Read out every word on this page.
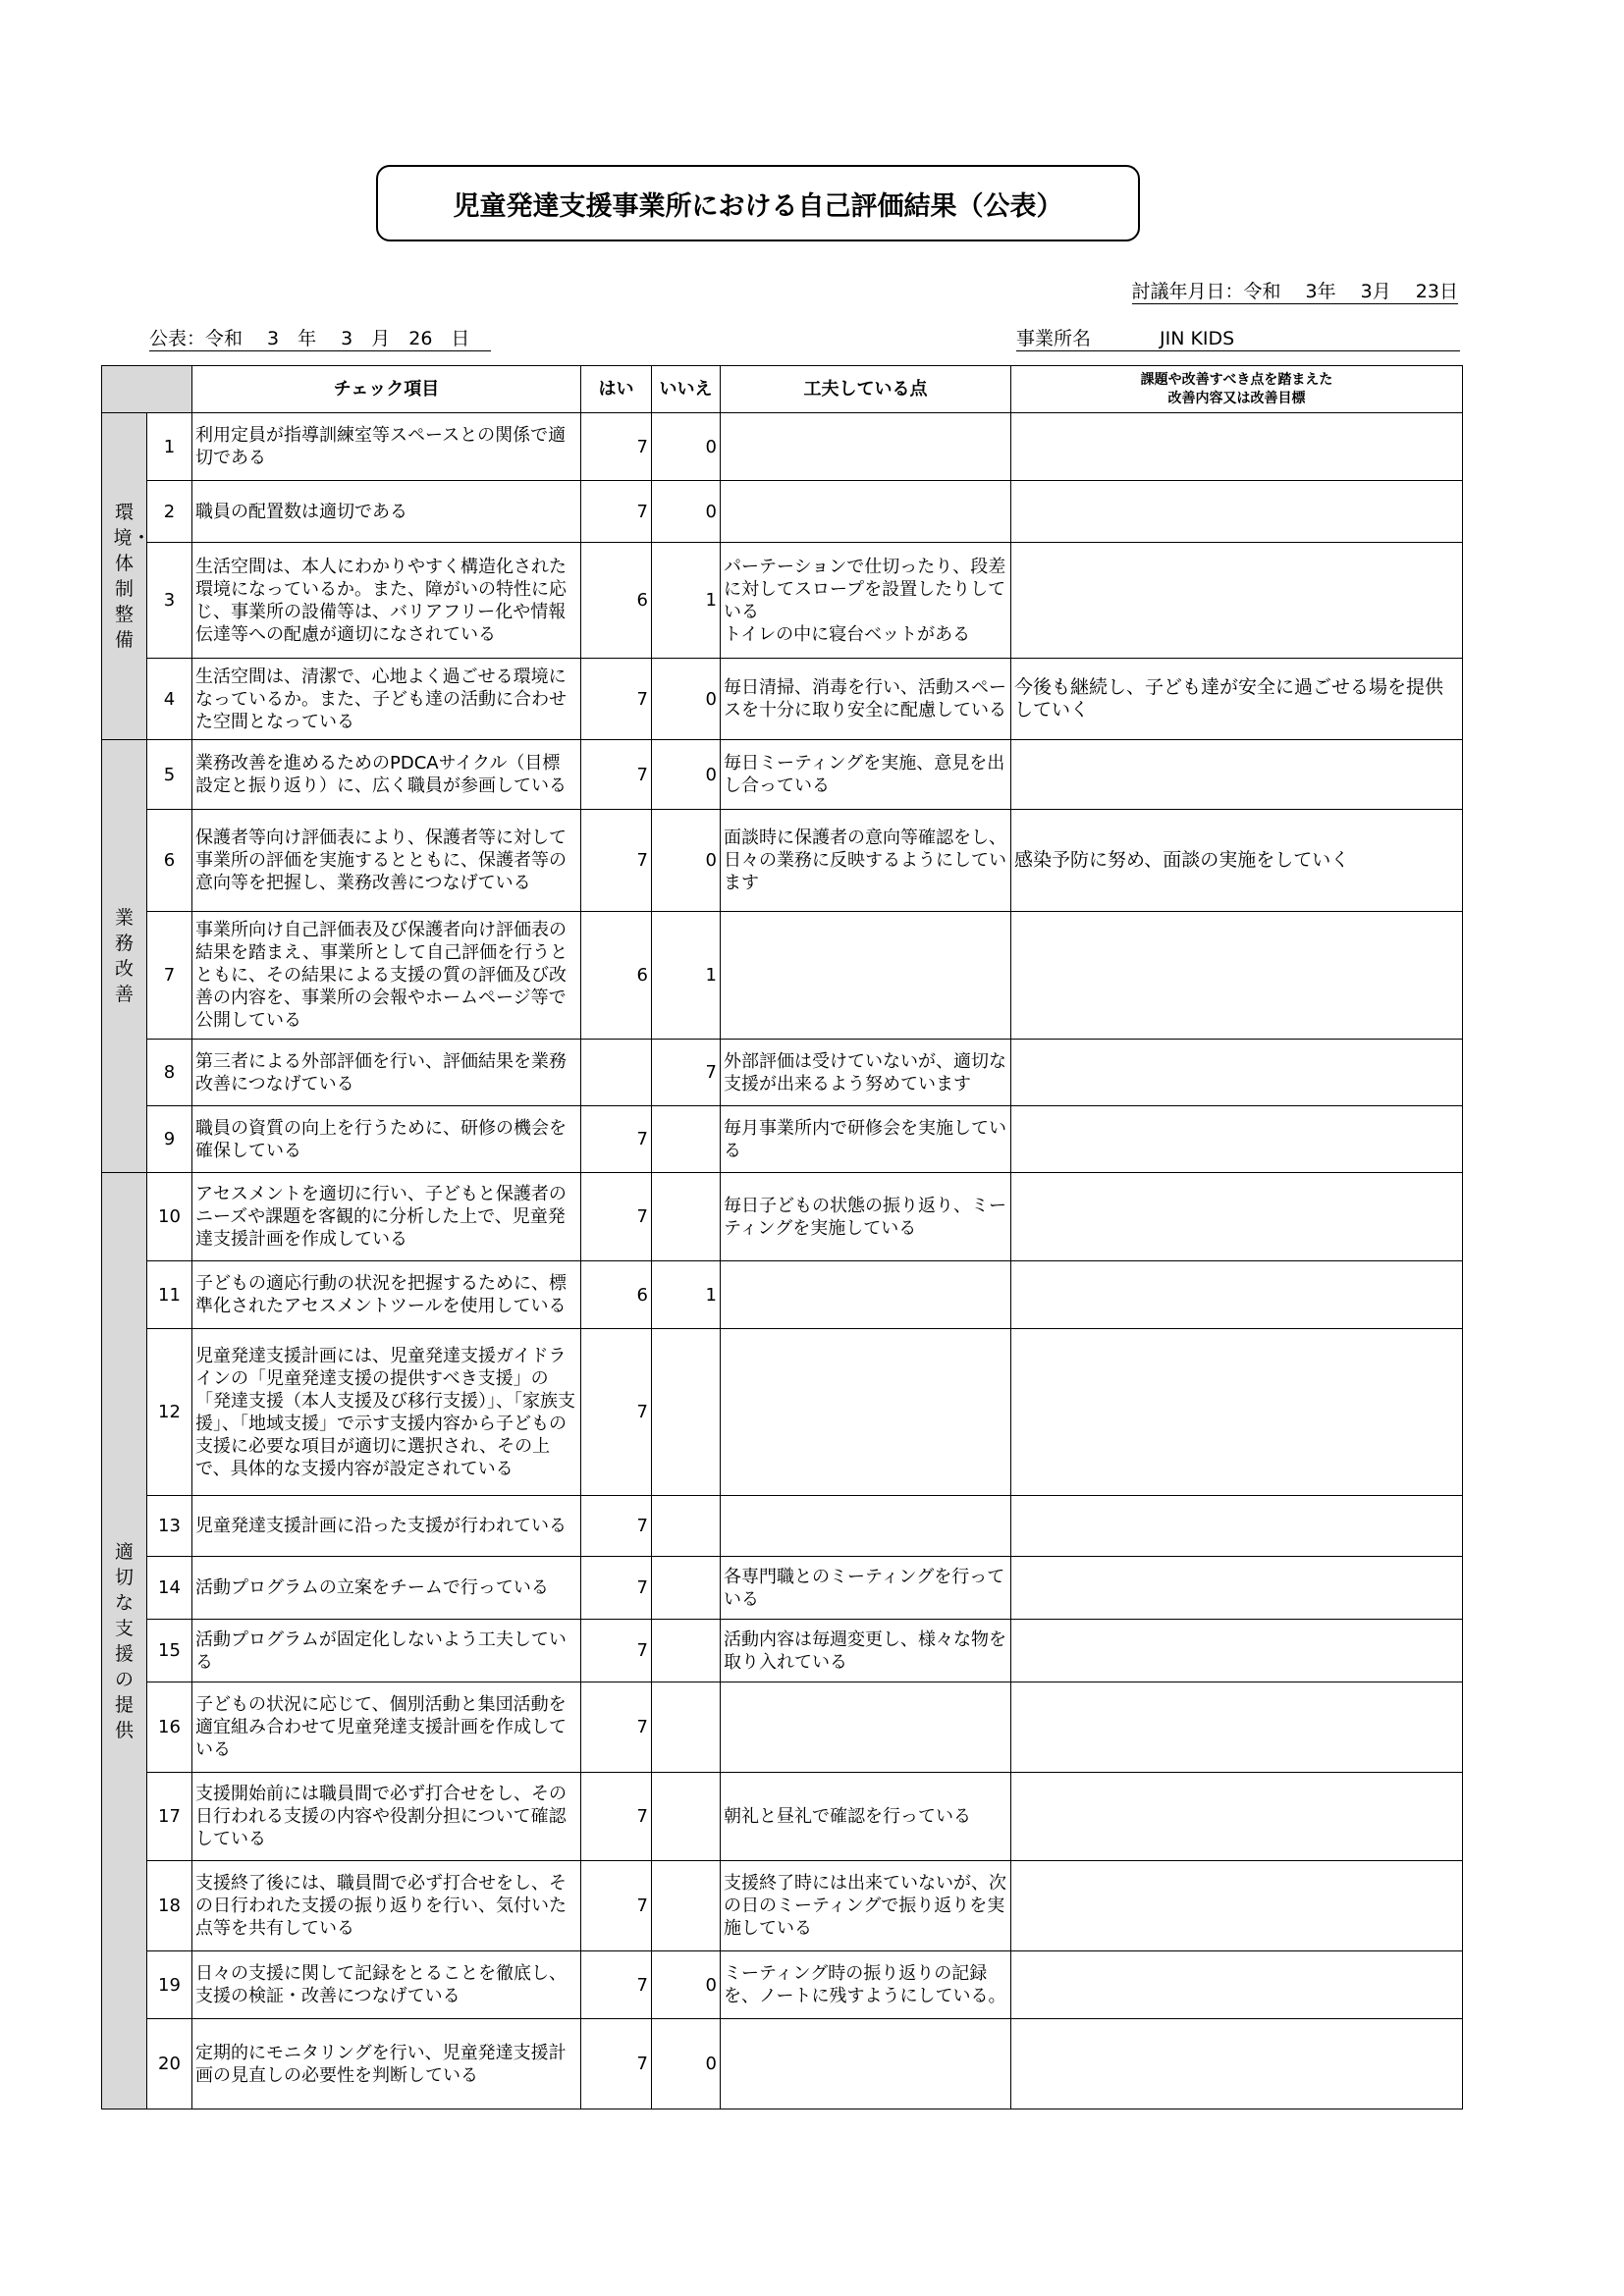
児童発達支援事業所における自己評価結果（公表）
討議年月日：令和　 3年　 3月　 23日
公表：令和　 3　年　 3　月　26　日	事業所名	JIN KIDS
		チェック項目	はい	いいえ	工夫している点	課題や改善すべき点を踏まえた
改善内容又は改善目標
環境・体制整備	1	利用定員が指導訓練室等スペースとの関係で適切である	7	0		
	2	職員の配置数は適切である	7	0		
	3	生活空間は、本人にわかりやすく構造化された環境になっているか。また、障がいの特性に応じ、事業所の設備等は、バリアフリー化や情報伝達等への配慮が適切になされている	6	1	パーテーションで仕切ったり、段差に対してスロープを設置したりしている
トイレの中に寝台ベットがある	
	4	生活空間は、清潔で、心地よく過ごせる環境になっているか。また、子ども達の活動に合わせた空間となっている	7	0	毎日清掃、消毒を行い、活動スペースを十分に取り安全に配慮している	今後も継続し、子ども達が安全に過ごせる場を提供していく
業務改善	5	業務改善を進めるためのPDCAサイクル（目標設定と振り返り）に、広く職員が参画している	7	0	毎日ミーティングを実施、意見を出し合っている	
	6	保護者等向け評価表により、保護者等に対して事業所の評価を実施するとともに、保護者等の意向等を把握し、業務改善につなげている	7	0	面談時に保護者の意向等確認をし、日々の業務に反映するようにしています	感染予防に努め、面談の実施をしていく
	7	事業所向け自己評価表及び保護者向け評価表の結果を踏まえ、事業所として自己評価を行うとともに、その結果による支援の質の評価及び改善の内容を、事業所の会報やホームページ等で公開している	6	1		
	8	第三者による外部評価を行い、評価結果を業務改善につなげている		7	外部評価は受けていないが、適切な支援が出来るよう努めています	
	9	職員の資質の向上を行うために、研修の機会を確保している	7		毎月事業所内で研修会を実施している	
適切な支援の提供	10	アセスメントを適切に行い、子どもと保護者のニーズや課題を客観的に分析した上で、児童発達支援計画を作成している	7		毎日子どもの状態の振り返り、ミーティングを実施している	
	11	子どもの適応行動の状況を把握するために、標準化されたアセスメントツールを使用している	6	1		
	12	児童発達支援計画には、児童発達支援ガイドラインの「児童発達支援の提供すべき支援」の「発達支援（本人支援及び移行支援）」、「家族支援」、「地域支援」で示す支援内容から子どもの支援に必要な項目が適切に選択され、その上で、具体的な支援内容が設定されている	7			
	13	児童発達支援計画に沿った支援が行われている	7			
	14	活動プログラムの立案をチームで行っている	7		各専門職とのミーティングを行っている	
	15	活動プログラムが固定化しないよう工夫している	7		活動内容は毎週変更し、様々な物を取り入れている	
	16	子どもの状況に応じて、個別活動と集団活動を適宜組み合わせて児童発達支援計画を作成している	7			
	17	支援開始前には職員間で必ず打合せをし、その日行われる支援の内容や役割分担について確認している	7		朝礼と昼礼で確認を行っている	
	18	支援終了後には、職員間で必ず打合せをし、その日行われた支援の振り返りを行い、気付いた点等を共有している	7		支援終了時には出来ていないが、次の日のミーティングで振り返りを実施している	
	19	日々の支援に関して記録をとることを徹底し、支援の検証・改善につなげている	7	0	ミーティング時の振り返りの記録を、ノートに残すようにしている。	
	20	定期的にモニタリングを行い、児童発達支援計画の見直しの必要性を判断している	7	0		
